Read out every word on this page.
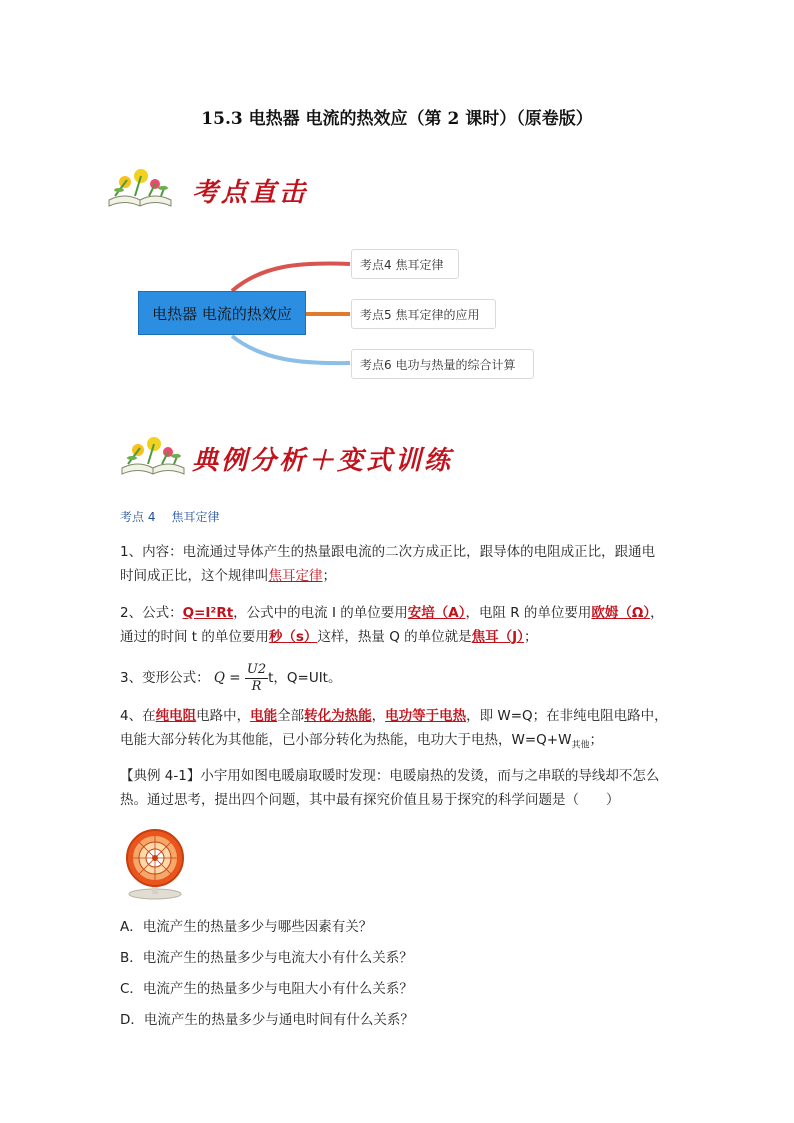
15.3 电热器 电流的热效应（第 2 课时）（原卷版）
考点直击
电热器 电流的热效应
考点4 焦耳定律
考点5 焦耳定律的应用
考点6 电功与热量的综合计算
典例分析＋变式训练
考点 4 焦耳定律
1、内容：电流通过导体产生的热量跟电流的二次方成正比，跟导体的电阻成正比，跟通电
时间成正比，这个规律叫焦耳定律；
2、公式：Q=I²Rt，公式中的电流 I 的单位要用安培（A），电阻 R 的单位要用欧姆（Ω），
通过的时间 t 的单位要用秒（s）这样，热量 Q 的单位就是焦耳（J）；
3、变形公式： $Q = \frac{U2}{R}$ t，Q=UIt。
4、在纯电阻电路中，电能全部转化为热能，电功等于电热，即 W=Q；在非纯电阻电路中，
电能大部分转化为其他能，已小部分转化为热能，电功大于电热，$W=Q+W_{其他}$；
【典例 4-1】小宇用如图电暖扇取暖时发现：电暖扇热的发烫，而与之串联的导线却不怎么
热。通过思考，提出四个问题，其中最有探究价值且易于探究的科学问题是（　　）
A．电流产生的热量多少与哪些因素有关？
B．电流产生的热量多少与电流大小有什么关系？
C．电流产生的热量多少与电阻大小有什么关系？
D．电流产生的热量多少与通电时间有什么关系？
